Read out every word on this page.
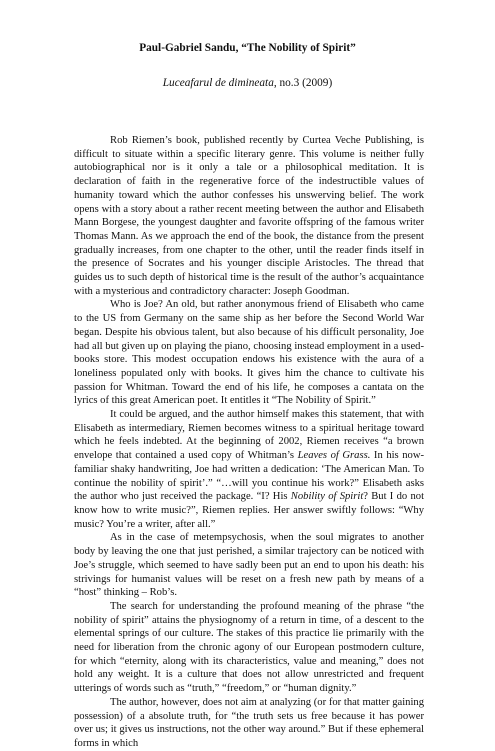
Paul-Gabriel Sandu, “The Nobility of Spirit”

Luceafarul de dimineata, no.3 (2009)

Rob Riemen’s book, published recently by Curtea Veche Publishing, is difficult to situate within a specific literary genre. This volume is neither fully autobiographical nor is it only a tale or a philosophical meditation. It is declaration of faith in the regenerative force of the indestructible values of humanity toward which the author confesses his unswerving belief. The work opens with a story about a rather recent meeting between the author and Elisabeth Mann Borgese, the youngest daughter and favorite offspring of the famous writer Thomas Mann. As we approach the end of the book, the distance from the present gradually increases, from one chapter to the other, until the reader finds itself in the presence of Socrates and his younger disciple Aristocles. The thread that guides us to such depth of historical time is the result of the author’s acquaintance with a mysterious and contradictory character: Joseph Goodman.

Who is Joe? An old, but rather anonymous friend of Elisabeth who came to the US from Germany on the same ship as her before the Second World War began. Despite his obvious talent, but also because of his difficult personality, Joe had all but given up on playing the piano, choosing instead employment in a used-books store. This modest occupation endows his existence with the aura of a loneliness populated only with books. It gives him the chance to cultivate his passion for Whitman. Toward the end of his life, he composes a cantata on the lyrics of this great American poet. It entitles it “The Nobility of Spirit.”

It could be argued, and the author himself makes this statement, that with Elisabeth as intermediary, Riemen becomes witness to a spiritual heritage toward which he feels indebted. At the beginning of 2002, Riemen receives “a brown envelope that contained a used copy of Whitman’s Leaves of Grass. In his now-familiar shaky handwriting, Joe had written a dedication: ‘The American Man. To continue the nobility of spirit’.” “…will you continue his work?” Elisabeth asks the author who just received the package. “I? His Nobility of Spirit? But I do not know how to write music?”, Riemen replies. Her answer swiftly follows: “Why music? You’re a writer, after all.”

As in the case of metempsychosis, when the soul migrates to another body by leaving the one that just perished, a similar trajectory can be noticed with Joe’s struggle, which seemed to have sadly been put an end to upon his death: his strivings for humanist values will be reset on a fresh new path by means of a “host” thinking – Rob’s.

The search for understanding the profound meaning of the phrase “the nobility of spirit” attains the physiognomy of a return in time, of a descent to the elemental springs of our culture. The stakes of this practice lie primarily with the need for liberation from the chronic agony of our European postmodern culture, for which “eternity, along with its characteristics, value and meaning,” does not hold any weight. It is a culture that does not allow unrestricted and frequent utterings of words such as “truth,” “freedom,” or “human dignity.”

The author, however, does not aim at analyzing (or for that matter gaining possession) of a absolute truth, for “the truth sets us free because it has power over us; it gives us instructions, not the other way around.” But if these ephemeral forms in which
